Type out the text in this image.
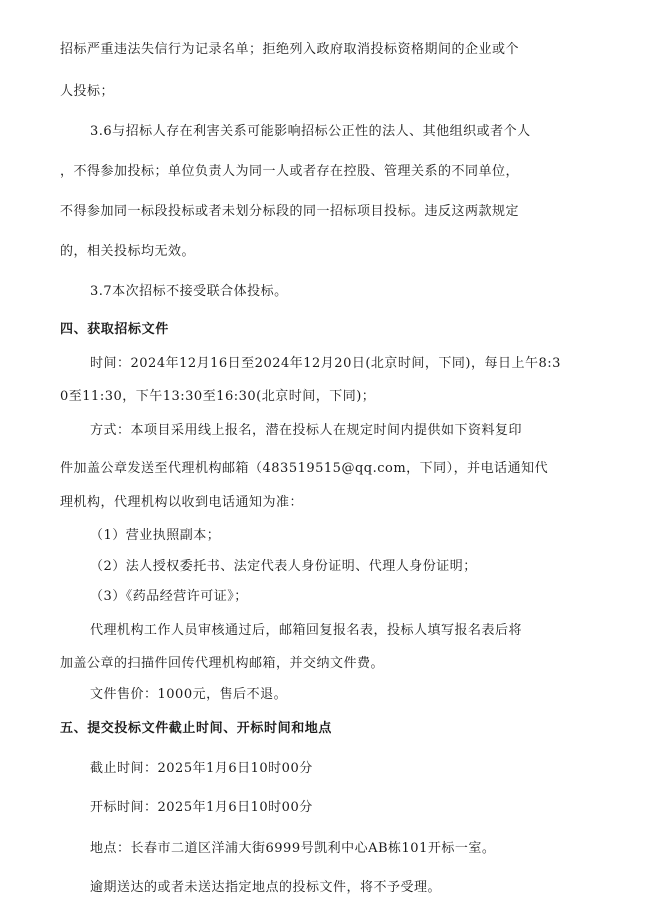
招标严重违法失信行为记录名单；拒绝列入政府取消投标资格期间的企业或个
人投标；
3.6与招标人存在利害关系可能影响招标公正性的法人、其他组织或者个人
，不得参加投标；单位负责人为同一人或者存在控股、管理关系的不同单位，
不得参加同一标段投标或者未划分标段的同一招标项目投标。违反这两款规定
的，相关投标均无效。
3.7本次招标不接受联合体投标。
四、获取招标文件
时间：2024年12月16日至2024年12月20日(北京时间，下同)，每日上午8:3
0至11:30，下午13:30至16:30(北京时间，下同)；
方式：本项目采用线上报名，潜在投标人在规定时间内提供如下资料复印
件加盖公章发送至代理机构邮箱（483519515@qq.com，下同），并电话通知代
理机构，代理机构以收到电话通知为准：
（1）营业执照副本；
（2）法人授权委托书、法定代表人身份证明、代理人身份证明；
（3）《药品经营许可证》；
代理机构工作人员审核通过后，邮箱回复报名表，投标人填写报名表后将
加盖公章的扫描件回传代理机构邮箱，并交纳文件费。
文件售价：1000元，售后不退。
五、提交投标文件截止时间、开标时间和地点
截止时间：2025年1月6日10时00分
开标时间：2025年1月6日10时00分
地点：长春市二道区洋浦大街6999号凯利中心AB栋101开标一室。
逾期送达的或者未送达指定地点的投标文件，将不予受理。
